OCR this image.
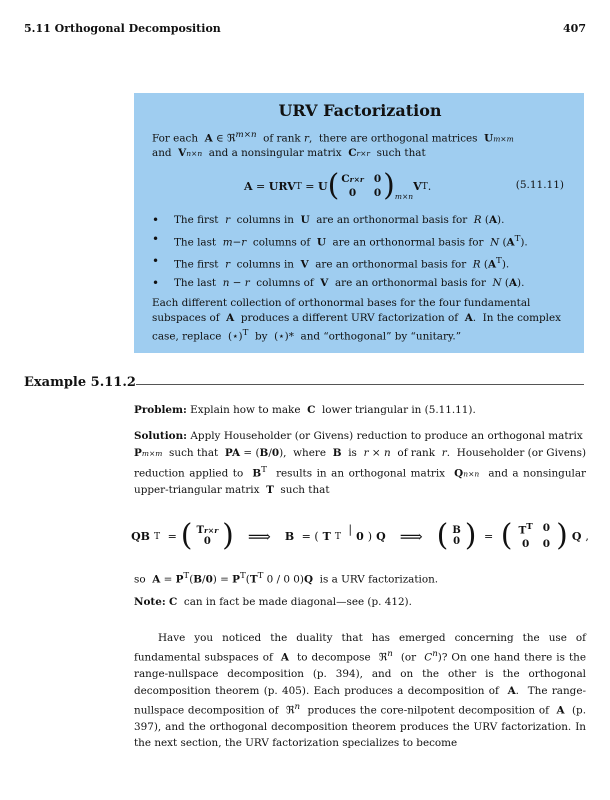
5.11 Orthogonal Decomposition	407
URV Factorization

For each  A ∈ ℜ$^{m\times n}$  of rank r,  there are orthogonal matrices  Um×m

and  Vn×n  and a nonsingular matrix  Cr×r  such that

A = URV T = U ( Cr×r 0
0	0 ) m×n
V T .	(5.11.11)
• The first  r  columns in  U  are an orthonormal basis for  R (A).
• The last  m−r  columns of  U  are an orthonormal basis for  N $(A^T)$.
• The first  r  columns in  V  are an orthonormal basis for  R $(A^T)$.
• The last  n − r  columns of  V  are an orthonormal basis for  N (A).

Each different collection of orthonormal bases for the four fundamental subspaces of  A  produces a different URV factorization of  A.  In the complex case, replace  (⋆)$^T$  by  (⋆)*  and “orthogonal” by “unitary.”

Example 5.11.2
Problem: Explain how to make  C  lower triangular in (5.11.11).
Solution: Apply Householder (or Givens) reduction to produce an orthogonal matrix  Pm×m  such that  PA = (B/0),  where  B  is  r × n  of rank  r.  Householder (or Givens) reduction applied to  $B^T$  results in an orthogonal matrix  Qn×n  and a nonsingular upper-triangular matrix  T  such that
QB T = ( Tr×r
0 ) ⟹ B = ( T T | 0 ) Q ⟹ ( B
0 ) = ( $T^T$ 0
0	0 ) Q ,
so  $A = P^T(B/0) = P^T(T^T$ 0 / 0 0)Q  is a URV factorization.
Note: C  can in fact be made diagonal—see (p. 412).

Have you noticed the duality that has emerged concerning the use of fundamental subspaces of  A  to decompose  ℜ$^n$  (or  $C^n$)? On one hand there is the range-nullspace decomposition (p. 394), and on the other is the orthogonal decomposition theorem (p. 405). Each produces a decomposition of  A.  The range-nullspace decomposition of  ℜ$^n$  produces the core-nilpotent decomposition of  A  (p. 397), and the orthogonal decomposition theorem produces the URV factorization. In the next section, the URV factorization specializes to become
